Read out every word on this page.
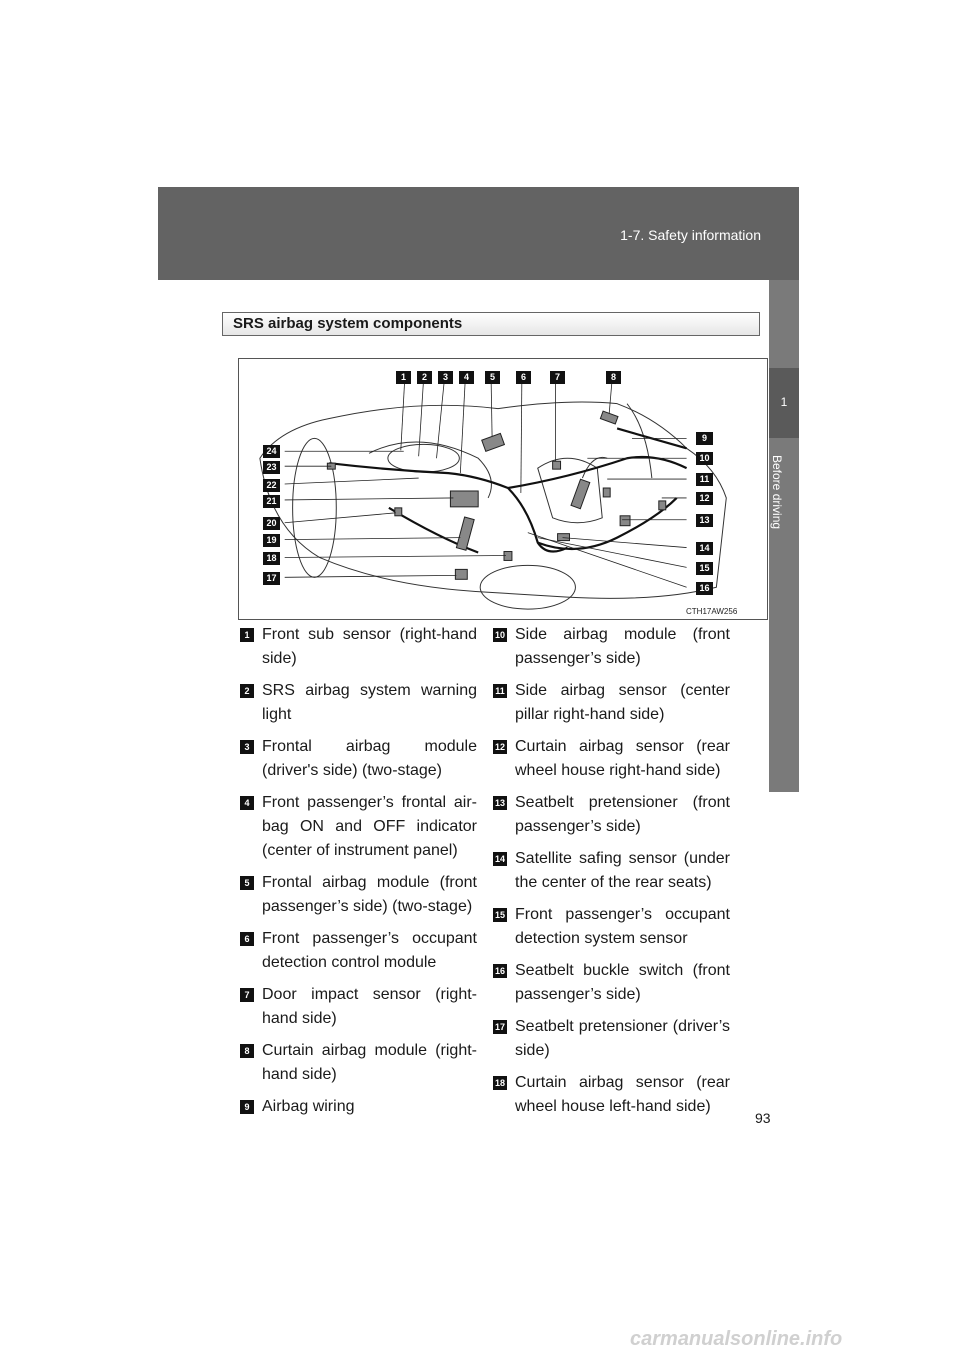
1-7. Safety information
1
Before driving
SRS airbag system components
1	2	3	4	5	6	7	8
9
10
11
12
13
14
15
16
24
23
22
21
20
19
18
17
CTH17AW256
1 Front sub sensor (right-hand side)
2 SRS airbag system warning light
3 Frontal airbag module (driver's side) (two-stage)
4 Front passenger’s frontal air-bag ON and OFF indicator (center of instrument panel)
5 Frontal airbag module (front passenger’s side) (two-stage)
6 Front passenger’s occupant detection control module
7 Door impact sensor (right-hand side)
8 Curtain airbag module (right-hand side)
9 Airbag wiring
10 Side airbag module (front passenger’s side)
11 Side airbag sensor (center pillar right-hand side)
12 Curtain airbag sensor (rear wheel house right-hand side)
13 Seatbelt pretensioner (front passenger’s side)
14 Satellite safing sensor (under the center of the rear seats)
15 Front passenger’s occupant detection system sensor
16 Seatbelt buckle switch (front passenger’s side)
17 Seatbelt pretensioner (driver’s side)
18 Curtain airbag sensor (rear wheel house left-hand side)
93
carmanualsonline.info
